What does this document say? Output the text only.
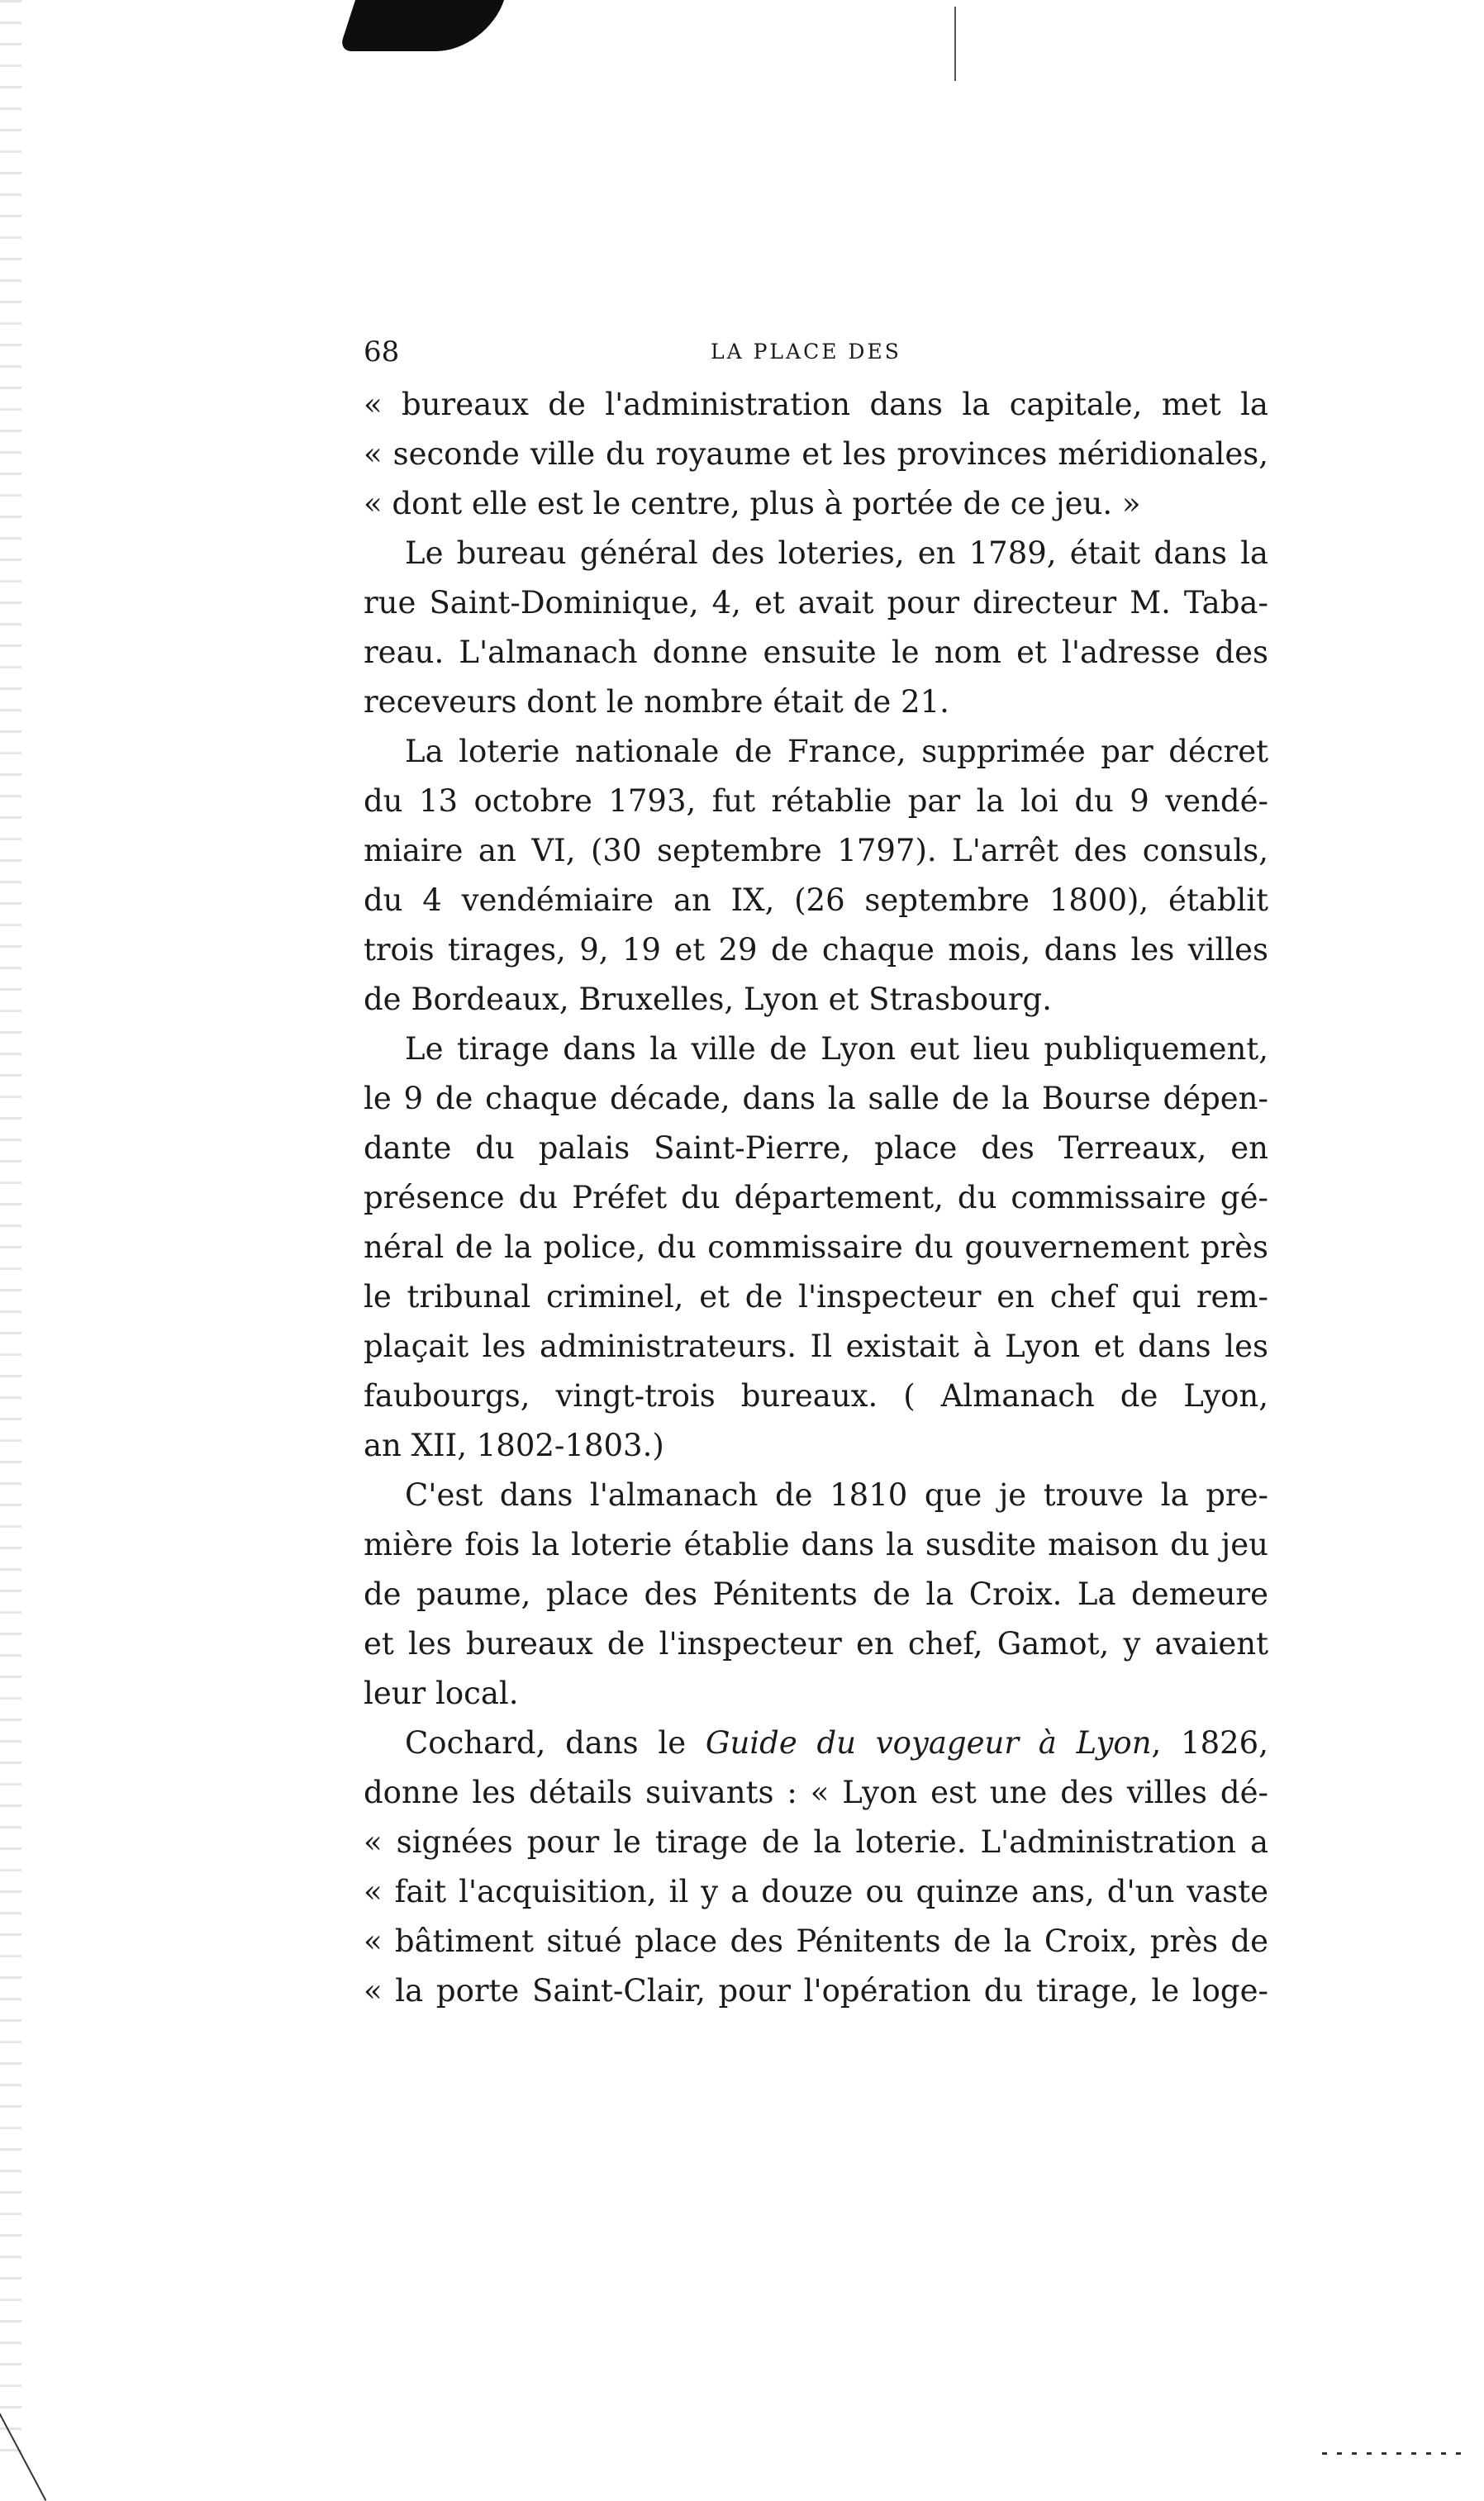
68	LA PLACE DES
« bureaux de l'administration dans la capitale, met la
« seconde ville du royaume et les provinces méridionales,
« dont elle est le centre, plus à portée de ce jeu. »
Le bureau général des loteries, en 1789, était dans la
rue Saint-Dominique, 4, et avait pour directeur M. Taba-
reau. L'almanach donne ensuite le nom et l'adresse des
receveurs dont le nombre était de 21.
La loterie nationale de France, supprimée par décret
du 13 octobre 1793, fut rétablie par la loi du 9 vendé-
miaire an VI, (30 septembre 1797). L'arrêt des consuls,
du 4 vendémiaire an IX, (26 septembre 1800), établit
trois tirages, 9, 19 et 29 de chaque mois, dans les villes
de Bordeaux, Bruxelles, Lyon et Strasbourg.
Le tirage dans la ville de Lyon eut lieu publiquement,
le 9 de chaque décade, dans la salle de la Bourse dépen-
dante du palais Saint-Pierre, place des Terreaux, en
présence du Préfet du département, du commissaire gé-
néral de la police, du commissaire du gouvernement près
le tribunal criminel, et de l'inspecteur en chef qui rem-
plaçait les administrateurs. Il existait à Lyon et dans les
faubourgs, vingt-trois bureaux. ( Almanach de Lyon,
an XII, 1802-1803.)
C'est dans l'almanach de 1810 que je trouve la pre-
mière fois la loterie établie dans la susdite maison du jeu
de paume, place des Pénitents de la Croix. La demeure
et les bureaux de l'inspecteur en chef, Gamot, y avaient
leur local.
Cochard, dans le Guide du voyageur à Lyon, 1826,
donne les détails suivants : « Lyon est une des villes dé-
« signées pour le tirage de la loterie. L'administration a
« fait l'acquisition, il y a douze ou quinze ans, d'un vaste
« bâtiment situé place des Pénitents de la Croix, près de
« la porte Saint-Clair, pour l'opération du tirage, le loge-
